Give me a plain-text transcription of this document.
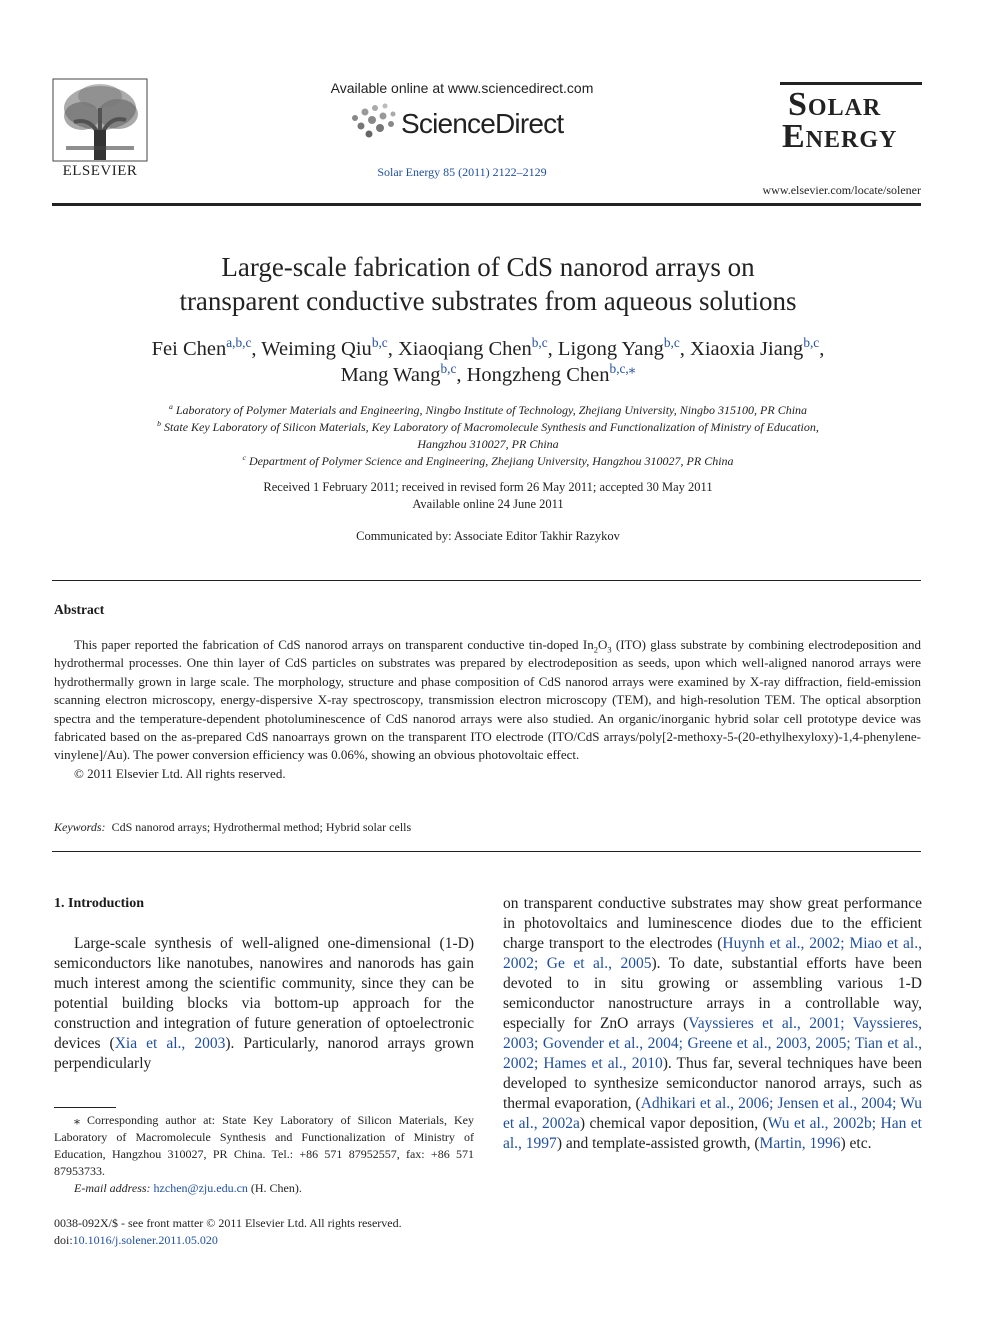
ELSEVIER
Available online at www.sciencedirect.com
ScienceDirect
Solar Energy 85 (2011) 2122–2129
Solar
Energy
www.elsevier.com/locate/solener
Large-scale fabrication of CdS nanorod arrays on
transparent conductive substrates from aqueous solutions
Fei Chen$^{a,b,c}$, Weiming Qiu$^{b,c}$, Xiaoqiang Chen$^{b,c}$, Ligong Yang$^{b,c}$, Xiaoxia Jiang$^{b,c}$,
Mang Wang$^{b,c}$, Hongzheng Chen$^{b,c,⁎}$
$^a$ Laboratory of Polymer Materials and Engineering, Ningbo Institute of Technology, Zhejiang University, Ningbo 315100, PR China
$^b$ State Key Laboratory of Silicon Materials, Key Laboratory of Macromolecule Synthesis and Functionalization of Ministry of Education,
Hangzhou 310027, PR China
$^c$ Department of Polymer Science and Engineering, Zhejiang University, Hangzhou 310027, PR China
Received 1 February 2011; received in revised form 26 May 2011; accepted 30 May 2011
Available online 24 June 2011
Communicated by: Associate Editor Takhir Razykov
Abstract

This paper reported the fabrication of CdS nanorod arrays on transparent conductive tin-doped $In_2O_3$ (ITO) glass substrate by combining electrodeposition and hydrothermal processes. One thin layer of CdS particles on substrates was prepared by electrodeposition as seeds, upon which well-aligned nanorod arrays were hydrothermally grown in large scale. The morphology, structure and phase composition of CdS nanorod arrays were examined by X-ray diffraction, field-emission scanning electron microscopy, energy-dispersive X-ray spectroscopy, transmission electron microscopy (TEM), and high-resolution TEM. The optical absorption spectra and the temperature-dependent photoluminescence of CdS nanorod arrays were also studied. An organic/inorganic hybrid solar cell prototype device was fabricated based on the as-prepared CdS nanoarrays grown on the transparent ITO electrode (ITO/CdS arrays/poly[2-methoxy-5-(20-ethylhexyloxy)-1,4-phenylene-vinylene]/Au). The power conversion efficiency was 0.06%, showing an obvious photovoltaic effect.

© 2011 Elsevier Ltd. All rights reserved.

Keywords: CdS nanorod arrays; Hydrothermal method; Hybrid solar cells
1. Introduction

Large-scale synthesis of well-aligned one-dimensional (1-D) semiconductors like nanotubes, nanowires and nanorods has gain much interest among the scientific community, since they can be potential building blocks via bottom-up approach for the construction and integration of future generation of optoelectronic devices (Xia et al., 2003). Particularly, nanorod arrays grown perpendicularly

on transparent conductive substrates may show great performance in photovoltaics and luminescence diodes due to the efficient charge transport to the electrodes (Huynh et al., 2002; Miao et al., 2002; Ge et al., 2005). To date, substantial efforts have been devoted to in situ growing or assembling various 1-D semiconductor nanostructure arrays in a controllable way, especially for ZnO arrays (Vayssieres et al., 2001; Vayssieres, 2003; Govender et al., 2004; Greene et al., 2003, 2005; Tian et al., 2002; Hames et al., 2010). Thus far, several techniques have been developed to synthesize semiconductor nanorod arrays, such as thermal evaporation, (Adhikari et al., 2006; Jensen et al., 2004; Wu et al., 2002a) chemical vapor deposition, (Wu et al., 2002b; Han et al., 1997) and template-assisted growth, (Martin, 1996) etc.

⁎ Corresponding author at: State Key Laboratory of Silicon Materials, Key Laboratory of Macromolecule Synthesis and Functionalization of Ministry of Education, Hangzhou 310027, PR China. Tel.: +86 571 87952557, fax: +86 571 87953733.

E-mail address: hzchen@zju.edu.cn (H. Chen).

0038-092X/$ - see front matter © 2011 Elsevier Ltd. All rights reserved.
doi:10.1016/j.solener.2011.05.020
